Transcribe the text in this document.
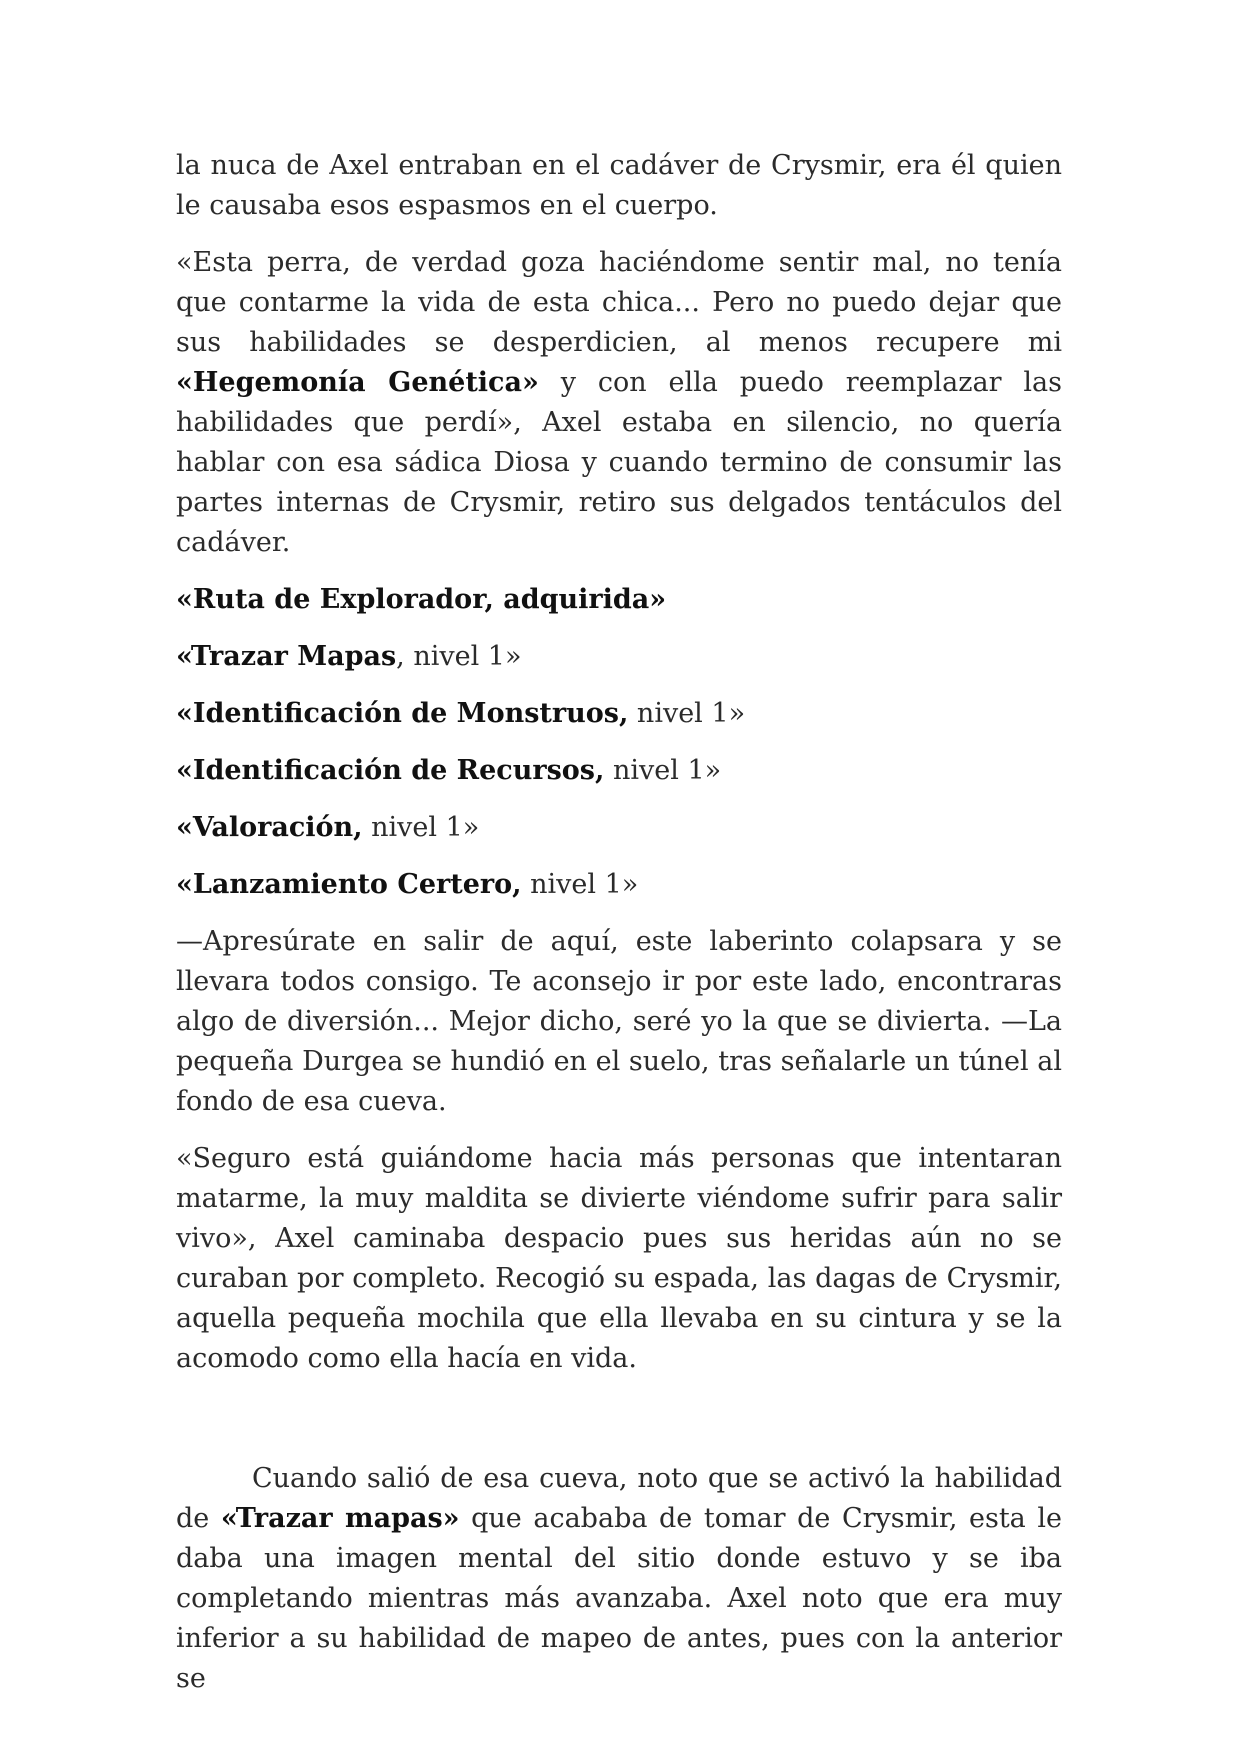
la nuca de Axel entraban en el cadáver de Crysmir, era él quien le causaba esos espasmos en el cuerpo.

«Esta perra, de verdad goza haciéndome sentir mal, no tenía que contarme la vida de esta chica... Pero no puedo dejar que sus habilidades se desperdicien, al menos recupere mi «Hegemonía Genética» y con ella puedo reemplazar las habilidades que perdí», Axel estaba en silencio, no quería hablar con esa sádica Diosa y cuando termino de consumir las partes internas de Crysmir, retiro sus delgados tentáculos del cadáver.

«Ruta de Explorador, adquirida»

«Trazar Mapas, nivel 1»

«Identificación de Monstruos, nivel 1»

«Identificación de Recursos, nivel 1»

«Valoración, nivel 1»

«Lanzamiento Certero, nivel 1»

—Apresúrate en salir de aquí, este laberinto colapsara y se llevara todos consigo. Te aconsejo ir por este lado, encontraras algo de diversión... Mejor dicho, seré yo la que se divierta. —La pequeña Durgea se hundió en el suelo, tras señalarle un túnel al fondo de esa cueva.

«Seguro está guiándome hacia más personas que intentaran matarme, la muy maldita se divierte viéndome sufrir para salir vivo», Axel caminaba despacio pues sus heridas aún no se curaban por completo. Recogió su espada, las dagas de Crysmir, aquella pequeña mochila que ella llevaba en su cintura y se la acomodo como ella hacía en vida.

Cuando salió de esa cueva, noto que se activó la habilidad de «Trazar mapas» que acababa de tomar de Crysmir, esta le daba una imagen mental del sitio donde estuvo y se iba completando mientras más avanzaba. Axel noto que era muy inferior a su habilidad de mapeo de antes, pues con la anterior se
